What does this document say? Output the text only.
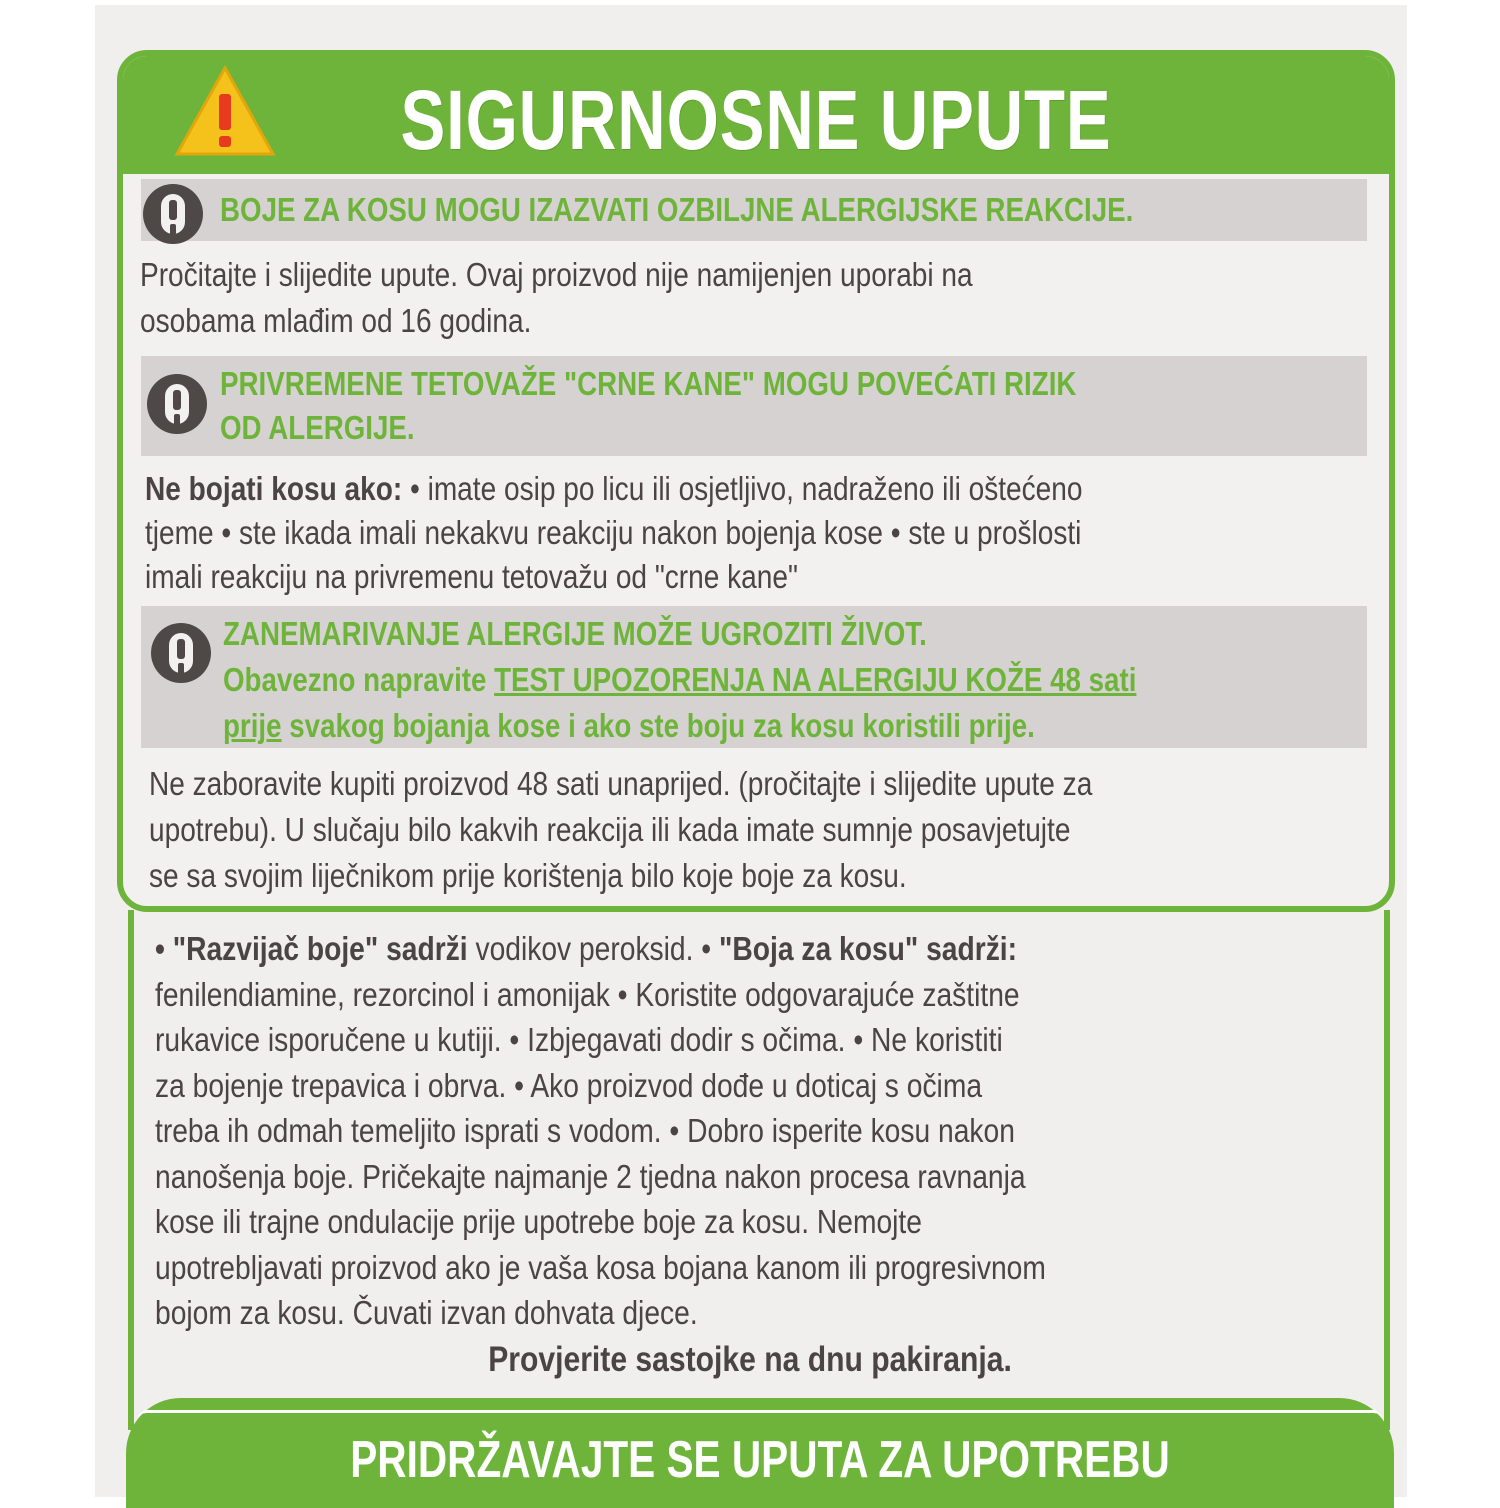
SIGURNOSNE UPUTE
BOJE ZA KOSU MOGU IZAZVATI OZBILJNE ALERGIJSKE REAKCIJE.
Pročitajte i slijedite upute. Ovaj proizvod nije namijenjen uporabi na
osobama mlađim od 16 godina.
PRIVREMENE TETOVAŽE "CRNE KANE" MOGU POVEĆATI RIZIK
OD ALERGIJE.
Ne bojati kosu ako: • imate osip po licu ili osjetljivo, nadraženo ili oštećeno
tjeme • ste ikada imali nekakvu reakciju nakon bojenja kose • ste u prošlosti
imali reakciju na privremenu tetovažu od "crne kane"
ZANEMARIVANJE ALERGIJE MOŽE UGROZITI ŽIVOT.
Obavezno napravite TEST UPOZORENJA NA ALERGIJU KOŽE 48 sati
prije svakog bojanja kose i ako ste boju za kosu koristili prije.
Ne zaboravite kupiti proizvod 48 sati unaprijed. (pročitajte i slijedite upute za
upotrebu). U slučaju bilo kakvih reakcija ili kada imate sumnje posavjetujte
se sa svojim liječnikom prije korištenja bilo koje boje za kosu.
• "Razvijač boje" sadrži vodikov peroksid. • "Boja za kosu" sadrži:
fenilendiamine, rezorcinol i amonijak • Koristite odgovarajuće zaštitne
rukavice isporučene u kutiji. • Izbjegavati dodir s očima. • Ne koristiti
za bojenje trepavica i obrva. • Ako proizvod dođe u doticaj s očima
treba ih odmah temeljito isprati s vodom. • Dobro isperite kosu nakon
nanošenja boje. Pričekajte najmanje 2 tjedna nakon procesa ravnanja
kose ili trajne ondulacije prije upotrebe boje za kosu. Nemojte
upotrebljavati proizvod ako je vaša kosa bojana kanom ili progresivnom
bojom za kosu. Čuvati izvan dohvata djece.
Provjerite sastojke na dnu pakiranja.
PRIDRŽAVAJTE SE UPUTA ZA UPOTREBU
